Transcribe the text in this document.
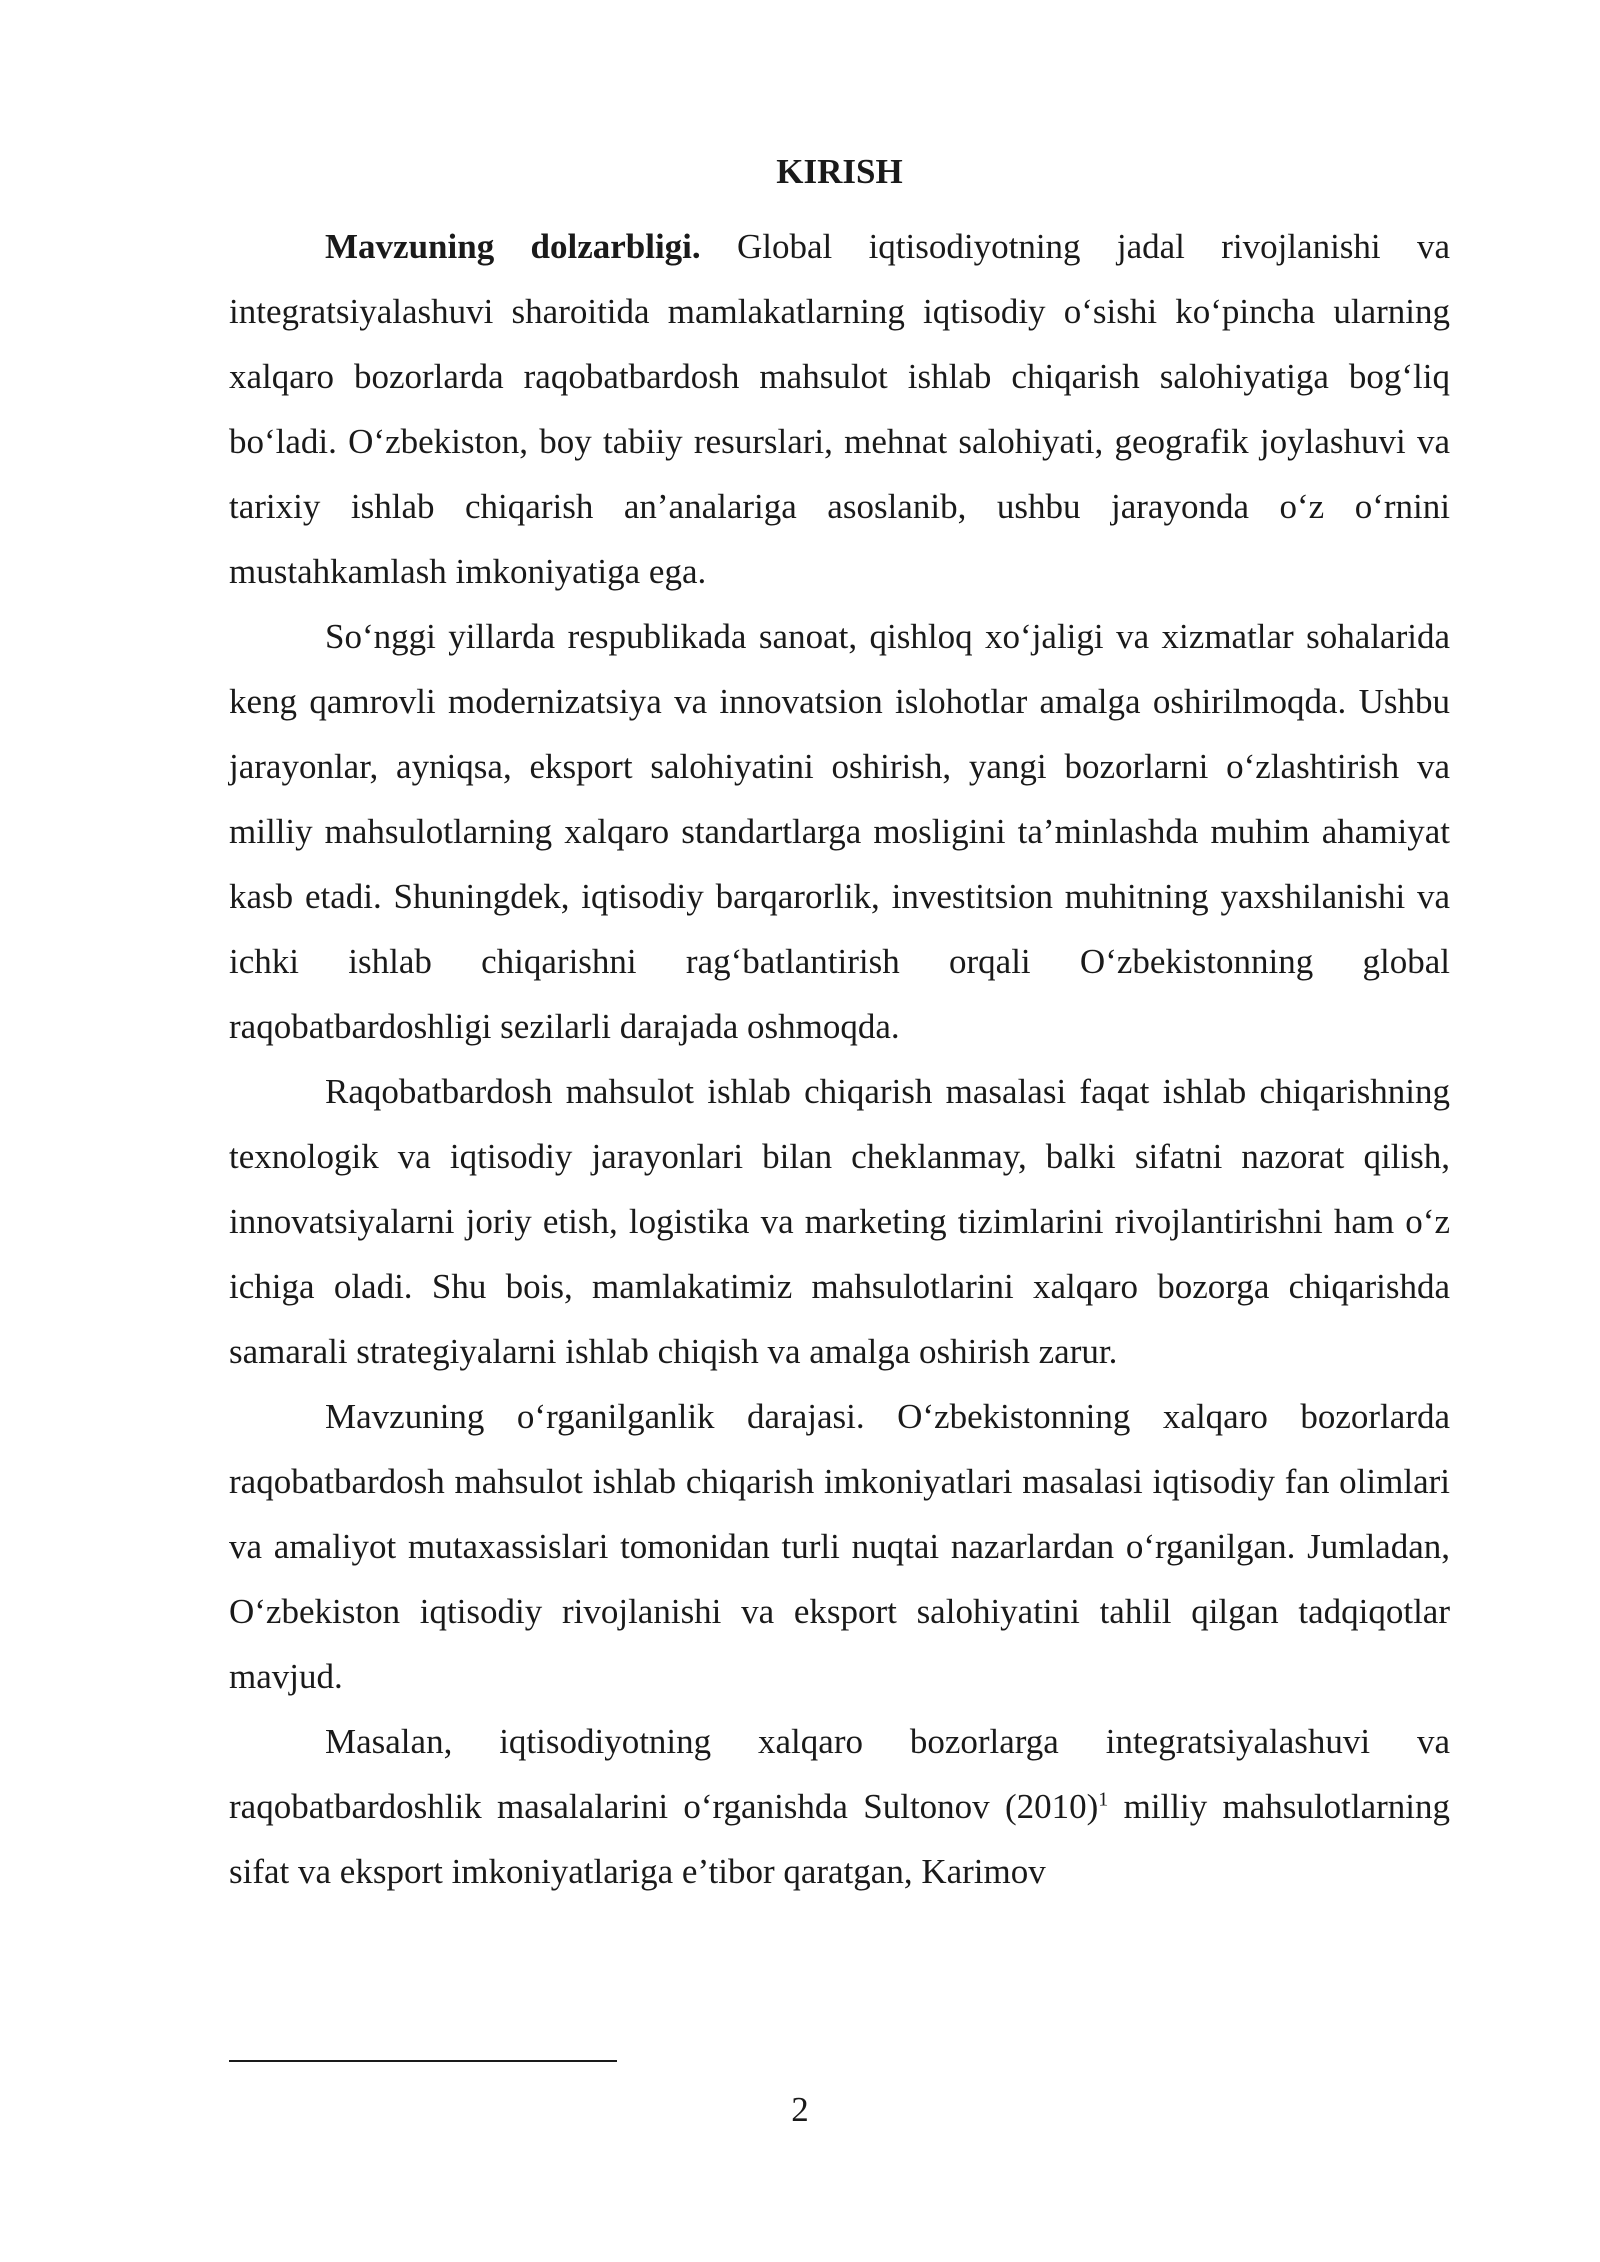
KIRISH

Mavzuning dolzarbligi. Global iqtisodiyotning jadal rivojlanishi va integratsiyalashuvi sharoitida mamlakatlarning iqtisodiy o‘sishi ko‘pincha ularning xalqaro bozorlarda raqobatbardosh mahsulot ishlab chiqarish salohiyatiga bog‘liq bo‘ladi. O‘zbekiston, boy tabiiy resurslari, mehnat salohiyati, geografik joylashuvi va tarixiy ishlab chiqarish an’analariga asoslanib, ushbu jarayonda o‘z o‘rnini mustahkamlash imkoniyatiga ega.

So‘nggi yillarda respublikada sanoat, qishloq xo‘jaligi va xizmatlar sohalarida keng qamrovli modernizatsiya va innovatsion islohotlar amalga oshirilmoqda. Ushbu jarayonlar, ayniqsa, eksport salohiyatini oshirish, yangi bozorlarni o‘zlashtirish va milliy mahsulotlarning xalqaro standartlarga mosligini ta’minlashda muhim ahamiyat kasb etadi. Shuningdek, iqtisodiy barqarorlik, investitsion muhitning yaxshilanishi va ichki ishlab chiqarishni rag‘batlantirish orqali O‘zbekistonning global raqobatbardoshligi sezilarli darajada oshmoqda.

Raqobatbardosh mahsulot ishlab chiqarish masalasi faqat ishlab chiqarishning texnologik va iqtisodiy jarayonlari bilan cheklanmay, balki sifatni nazorat qilish, innovatsiyalarni joriy etish, logistika va marketing tizimlarini rivojlantirishni ham o‘z ichiga oladi. Shu bois, mamlakatimiz mahsulotlarini xalqaro bozorga chiqarishda samarali strategiyalarni ishlab chiqish va amalga oshirish zarur.

Mavzuning o‘rganilganlik darajasi. O‘zbekistonning xalqaro bozorlarda raqobatbardosh mahsulot ishlab chiqarish imkoniyatlari masalasi iqtisodiy fan olimlari va amaliyot mutaxassislari tomonidan turli nuqtai nazarlardan o‘rganilgan. Jumladan, O‘zbekiston iqtisodiy rivojlanishi va eksport salohiyatini tahlil qilgan tadqiqotlar mavjud.

Masalan, iqtisodiyotning xalqaro bozorlarga integratsiyalashuvi va raqobatbardoshlik masalalarini o‘rganishda Sultonov $(2010)^1$ milliy mahsulotlarning sifat va eksport imkoniyatlariga e’tibor qaratgan, Karimov

2
